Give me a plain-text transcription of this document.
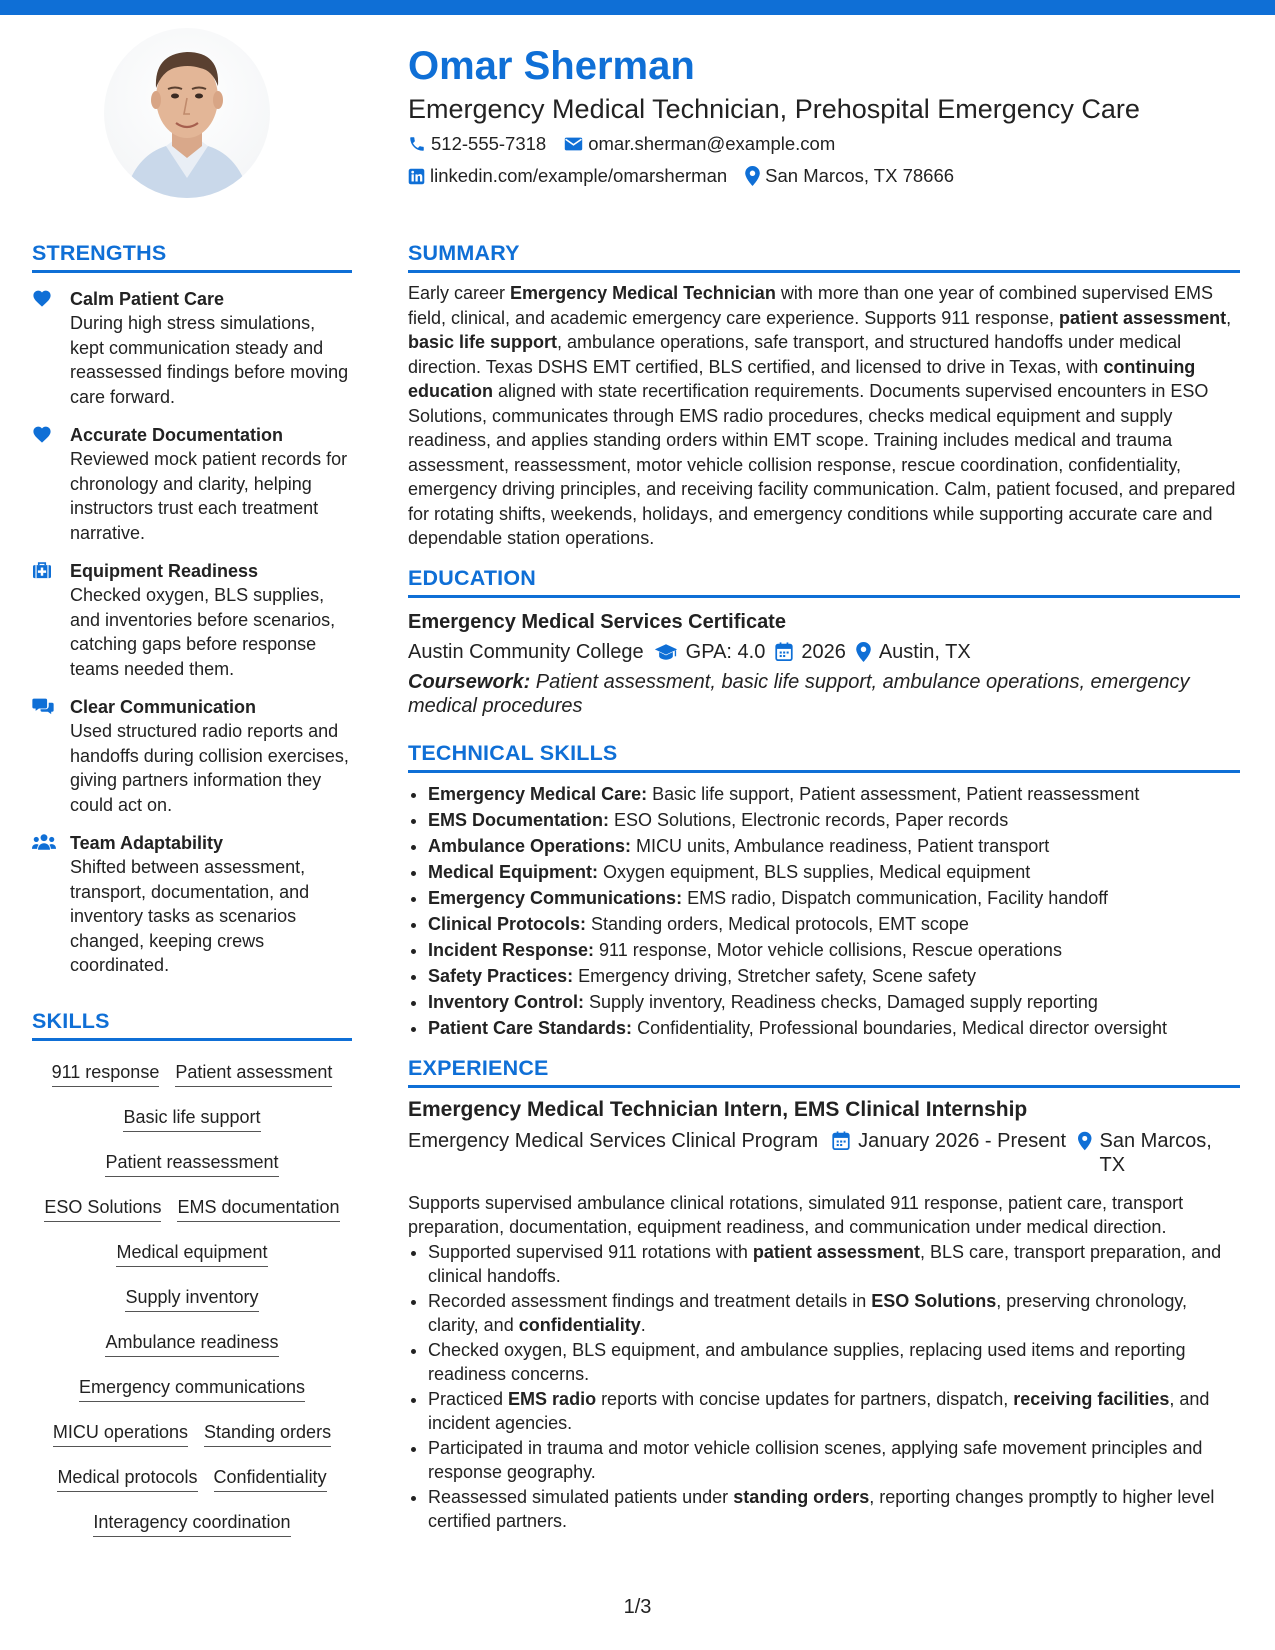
Omar Sherman
Emergency Medical Technician, Prehospital Emergency Care
512-555-7318 omar.sherman@example.com
linkedin.com/example/omarsherman San Marcos, TX 78666
STRENGTHS
Calm Patient Care
During high stress simulations, kept communication steady and reassessed findings before moving care forward.
Accurate Documentation
Reviewed mock patient records for chronology and clarity, helping instructors trust each treatment narrative.
Equipment Readiness
Checked oxygen, BLS supplies, and inventories before scenarios, catching gaps before response teams needed them.
Clear Communication
Used structured radio reports and handoffs during collision exercises, giving partners information they could act on.
Team Adaptability
Shifted between assessment, transport, documentation, and inventory tasks as scenarios changed, keeping crews coordinated.
SKILLS
911 response Patient assessment
Basic life support
Patient reassessment
ESO Solutions EMS documentation
Medical equipment
Supply inventory
Ambulance readiness
Emergency communications
MICU operations Standing orders
Medical protocols Confidentiality
Interagency coordination
SUMMARY
Early career Emergency Medical Technician with more than one year of combined supervised EMS field, clinical, and academic emergency care experience. Supports 911 response, patient assessment, basic life support, ambulance operations, safe transport, and structured handoffs under medical direction. Texas DSHS EMT certified, BLS certified, and licensed to drive in Texas, with continuing education aligned with state recertification requirements. Documents supervised encounters in ESO Solutions, communicates through EMS radio procedures, checks medical equipment and supply readiness, and applies standing orders within EMT scope. Training includes medical and trauma assessment, reassessment, motor vehicle collision response, rescue coordination, confidentiality, emergency driving principles, and receiving facility communication. Calm, patient focused, and prepared for rotating shifts, weekends, holidays, and emergency conditions while supporting accurate care and dependable station operations.
EDUCATION
Emergency Medical Services Certificate
Austin Community College GPA: 4.0 2026 Austin, TX
Coursework: Patient assessment, basic life support, ambulance operations, emergency medical procedures
TECHNICAL SKILLS
• Emergency Medical Care: Basic life support, Patient assessment, Patient reassessment
• EMS Documentation: ESO Solutions, Electronic records, Paper records
• Ambulance Operations: MICU units, Ambulance readiness, Patient transport
• Medical Equipment: Oxygen equipment, BLS supplies, Medical equipment
• Emergency Communications: EMS radio, Dispatch communication, Facility handoff
• Clinical Protocols: Standing orders, Medical protocols, EMT scope
• Incident Response: 911 response, Motor vehicle collisions, Rescue operations
• Safety Practices: Emergency driving, Stretcher safety, Scene safety
• Inventory Control: Supply inventory, Readiness checks, Damaged supply reporting
• Patient Care Standards: Confidentiality, Professional boundaries, Medical director oversight
EXPERIENCE
Emergency Medical Technician Intern, EMS Clinical Internship
Emergency Medical Services Clinical Program January 2026 - Present San Marcos, TX
Supports supervised ambulance clinical rotations, simulated 911 response, patient care, transport preparation, documentation, equipment readiness, and communication under medical direction.
• Supported supervised 911 rotations with patient assessment, BLS care, transport preparation, and clinical handoffs.
• Recorded assessment findings and treatment details in ESO Solutions, preserving chronology, clarity, and confidentiality.
• Checked oxygen, BLS equipment, and ambulance supplies, replacing used items and reporting readiness concerns.
• Practiced EMS radio reports with concise updates for partners, dispatch, receiving facilities, and incident agencies.
• Participated in trauma and motor vehicle collision scenes, applying safe movement principles and response geography.
• Reassessed simulated patients under standing orders, reporting changes promptly to higher level certified partners.
1/3
